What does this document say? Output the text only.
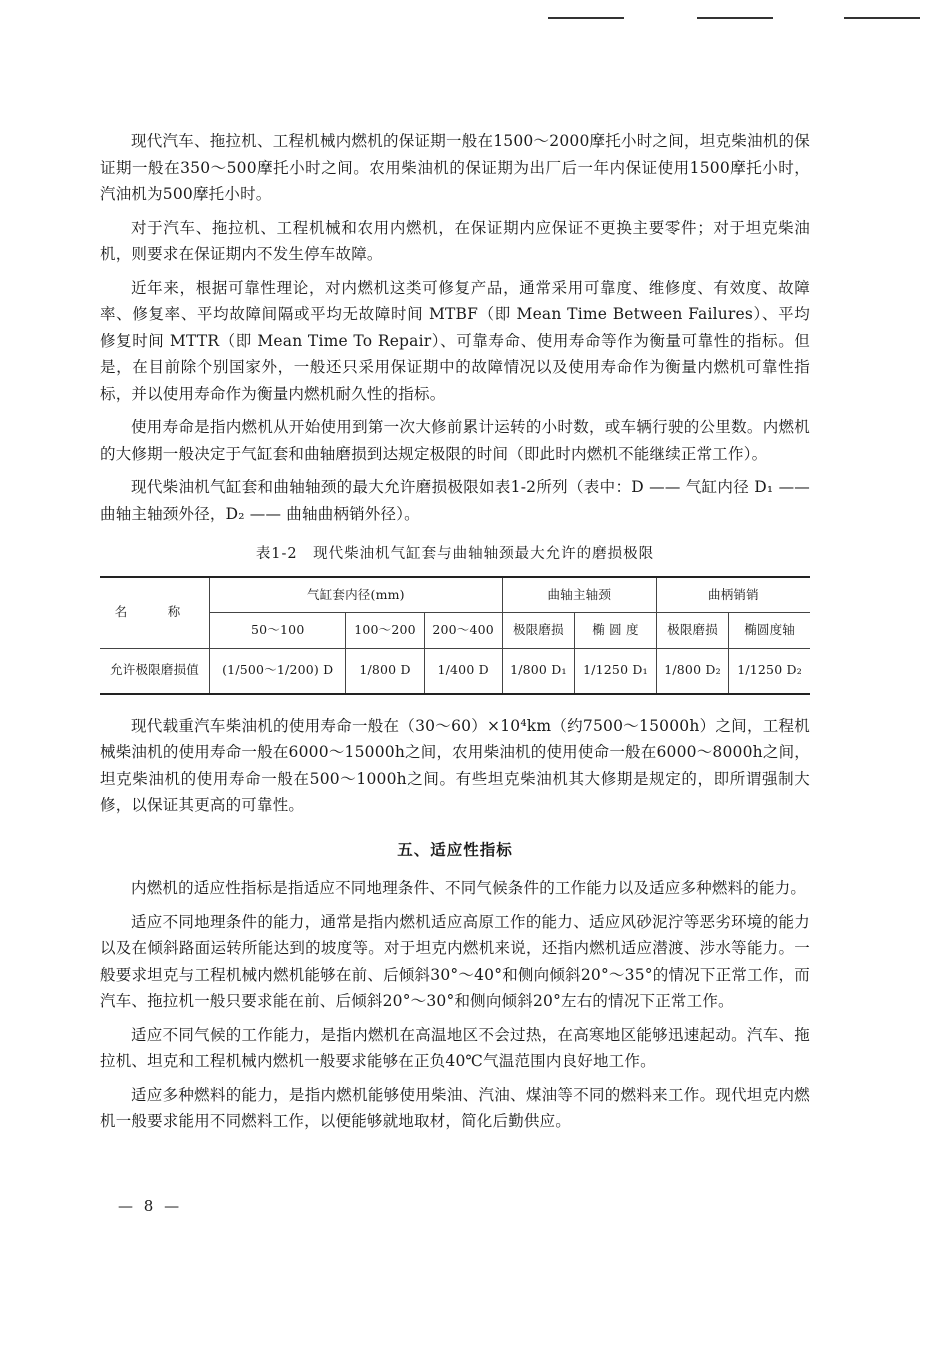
现代汽车、拖拉机、工程机械内燃机的保证期一般在1500～2000摩托小时之间，坦克柴油机的保证期一般在350～500摩托小时之间。农用柴油机的保证期为出厂后一年内保证使用1500摩托小时，汽油机为500摩托小时。

对于汽车、拖拉机、工程机械和农用内燃机，在保证期内应保证不更换主要零件；对于坦克柴油机，则要求在保证期内不发生停车故障。

近年来，根据可靠性理论，对内燃机这类可修复产品，通常采用可靠度、维修度、有效度、故障率、修复率、平均故障间隔或平均无故障时间 MTBF（即 Mean Time Between Failures）、平均修复时间 MTTR（即 Mean Time To Repair）、可靠寿命、使用寿命等作为衡量可靠性的指标。但是，在目前除个别国家外，一般还只采用保证期中的故障情况以及使用寿命作为衡量内燃机可靠性指标，并以使用寿命作为衡量内燃机耐久性的指标。

使用寿命是指内燃机从开始使用到第一次大修前累计运转的小时数，或车辆行驶的公里数。内燃机的大修期一般决定于气缸套和曲轴磨损到达规定极限的时间（即此时内燃机不能继续正常工作）。

现代柴油机气缸套和曲轴轴颈的最大允许磨损极限如表1-2所列（表中：D —— 气缸内径 D₁ —— 曲轴主轴颈外径，D₂ —— 曲轴曲柄销外径）。

表1-2　现代柴油机气缸套与曲轴轴颈最大允许的磨损极限
名　称	气缸套内径(mm)			曲轴主轴颈		曲柄销销	
	50～100	100～200	200～400	极限磨损	椭 圆 度	极限磨损	椭圆度轴
允许极限磨损值	(1/500～1/200) D	1/800 D	1/400 D	1/800 D₁	1/1250 D₁	1/800 D₂	1/1250 D₂

现代载重汽车柴油机的使用寿命一般在（30～60）×10⁴km（约7500～15000h）之间，工程机械柴油机的使用寿命一般在6000～15000h之间，农用柴油机的使用使命一般在6000～8000h之间，坦克柴油机的使用寿命一般在500～1000h之间。有些坦克柴油机其大修期是规定的，即所谓强制大修，以保证其更高的可靠性。

五、适应性指标

内燃机的适应性指标是指适应不同地理条件、不同气候条件的工作能力以及适应多种燃料的能力。

适应不同地理条件的能力，通常是指内燃机适应高原工作的能力、适应风砂泥泞等恶劣环境的能力以及在倾斜路面运转所能达到的坡度等。对于坦克内燃机来说，还指内燃机适应潜渡、涉水等能力。一般要求坦克与工程机械内燃机能够在前、后倾斜30°～40°和侧向倾斜20°～35°的情况下正常工作，而汽车、拖拉机一般只要求能在前、后倾斜20°～30°和侧向倾斜20°左右的情况下正常工作。

适应不同气候的工作能力，是指内燃机在高温地区不会过热，在高寒地区能够迅速起动。汽车、拖拉机、坦克和工程机械内燃机一般要求能够在正负40℃气温范围内良好地工作。

适应多种燃料的能力，是指内燃机能够使用柴油、汽油、煤油等不同的燃料来工作。现代坦克内燃机一般要求能用不同燃料工作，以便能够就地取材，简化后勤供应。

— 8 —
